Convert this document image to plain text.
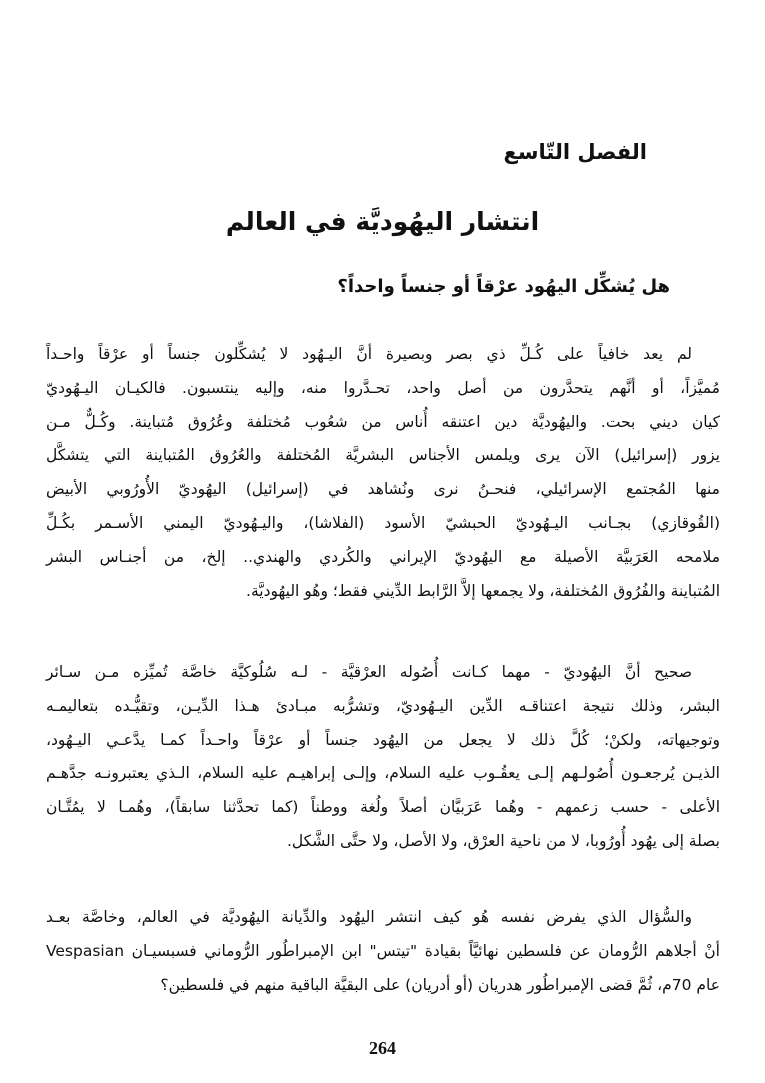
الفصل التّاسع
انتشار اليهُوديَّة في العالم
هل يُشكِّل اليهُود عرْقاً أو جنساً واحداً؟
لم يعد خافياً على كُـلِّ ذي بصر وبصيرة أنَّ اليـهُود لا يُشكِّلون جنساً أو عرْقاً واحـداً
مُميَّزاً، أو أنَّهم يتحدَّرون من أصل واحد، تحـدَّروا منه، وإليه ينتسبون. فالكيـان اليـهُوديّ
كيان ديني بحت. واليهُوديَّة دين اعتنقه أُناس من شعُوب مُختلفة وعُرُوق مُتباينة. وكُـلٌّ مـن
يزور (إسرائيل) الآن يرى ويلمس الأجناس البشريَّة المُختلفة والعُرُوق المُتباينة التي يتشكَّل
منها المُجتمع الإسرائيلي، فنحـنُ نرى ونُشاهد في (إسرائيل) اليهُوديّ الأُورُوبي الأبيض
(القُوقازي) بجـانب اليـهُوديّ الحبشيّ الأسود (الفلاشا)، واليـهُوديّ اليمني الأسـمر بكُـلِّ
ملامحه العَرَبيَّة الأصيلة مع اليهُوديّ الإيراني والكُردي والهندي.. إلخ، من أجنـاس البشر
المُتباينة والفُرُوق المُختلفة، ولا يجمعها إلاَّ الرَّابط الدِّيني فقط؛ وهُو اليهُوديَّة.
صحيح أنَّ اليهُوديّ - مهما كـانت أُصُوله العرْقيَّة - لـه سُلُوكيَّة خاصَّة تُميِّزه مـن سـائر
البشر، وذلك نتيجة اعتناقـه الدِّين اليـهُوديّ، وتشرُّبه مبـادئ هـذا الدِّيـن، وتقيُّـده بتعاليمـه
وتوجيهاته، ولكنْ؛ كُلَّ ذلك لا يجعل من اليهُود جنساً أو عرْقاً واحـداً كمـا يدَّعـي اليـهُود،
الذيـن يُرجعـون أُصُولـهم إلـى يعقُـوب عليه السلام، وإلـى إبراهيـم عليه السلام، الـذي يعتبرونـه جدَّهـم
الأعلى - حسب زعمهم - وهُما عَرَبيَّان أصلاً ولُغة ووطناً (كما تحدَّثنا سابقاً)، وهُمـا لا يمُتَّـان
بصلة إلى يهُود أُورُوبا، لا من ناحية العرْق، ولا الأصل، ولا حتَّى الشَّكل.
والسُّؤال الذي يفرض نفسه هُو كيف انتشر اليهُود والدِّيانة اليهُوديَّة في العالم، وخاصَّة بعـد
أنْ أجلاهم الرُّومان عن فلسطين نهائيَّاً بقيادة "تيتس" ابن الإمبراطُور الرُّوماني فسبسيـان Vespasian
عام 70م، ثُمَّ قضى الإمبراطُور هدريان (أو أدريان) على البقيَّة الباقية منهم في فلسطين؟
264
